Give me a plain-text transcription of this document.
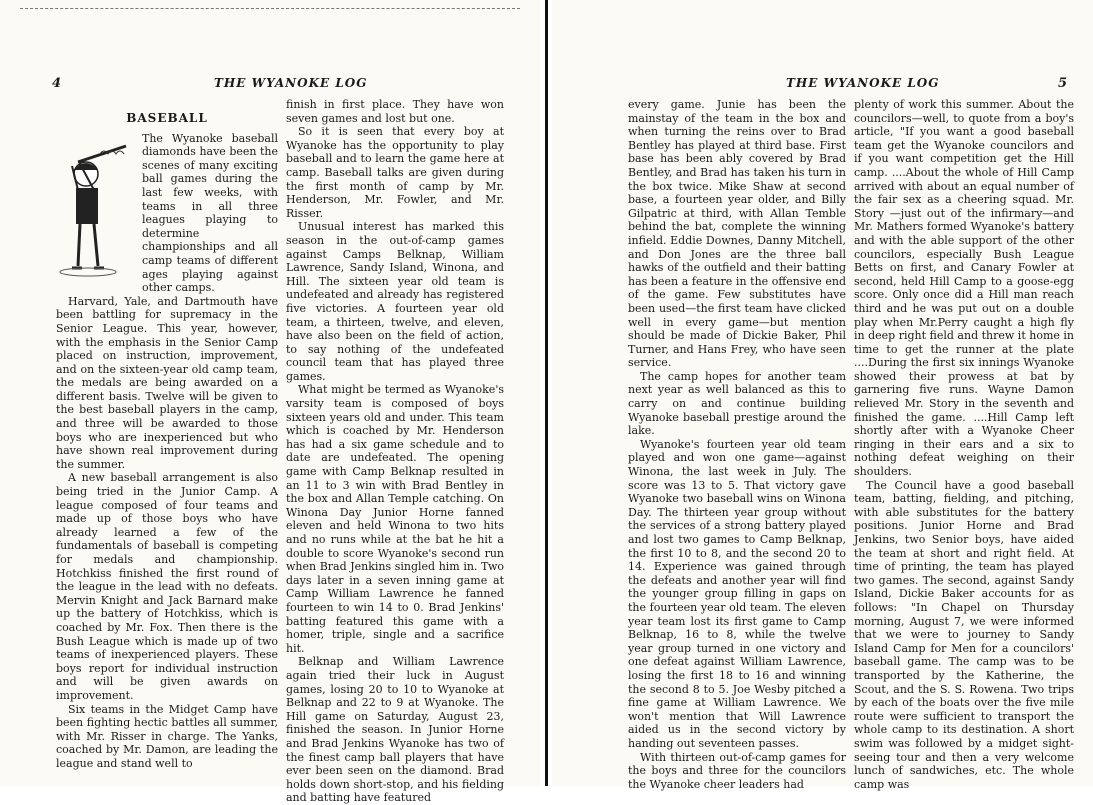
4	THE WYANOKE LOG
BASEBALL

The Wyanoke baseball diamonds have been the scenes of many exciting ball games during the last few weeks, with teams in all three leagues playing to determine championships and all camp teams of different ages playing against other camps.

Harvard, Yale, and Dartmouth have been battling for supremacy in the Senior League. This year, however, with the emphasis in the Senior Camp placed on instruction, improvement, and on the sixteen-year old camp team, the medals are being awarded on a different basis. Twelve will be given to the best baseball players in the camp, and three will be awarded to those boys who are inexperienced but who have shown real improvement during the summer.

A new baseball arrangement is also being tried in the Junior Camp. A league composed of four teams and made up of those boys who have already learned a few of the fundamentals of baseball is competing for medals and championship. Hotchkiss finished the first round of the league in the lead with no defeats. Mervin Knight and Jack Barnard make up the battery of Hotchkiss, which is coached by Mr. Fox. Then there is the Bush League which is made up of two teams of inexperienced players. These boys report for individual instruction and will be given awards on improvement.

Six teams in the Midget Camp have been fighting hectic battles all summer, with Mr. Risser in charge. The Yanks, coached by Mr. Damon, are leading the league and stand well to

finish in first place. They have won seven games and lost but one.

So it is seen that every boy at Wyanoke has the opportunity to play baseball and to learn the game here at camp. Baseball talks are given during the first month of camp by Mr. Henderson, Mr. Fowler, and Mr. Risser.

Unusual interest has marked this season in the out-of-camp games against Camps Belknap, William Lawrence, Sandy Island, Winona, and Hill. The sixteen year old team is undefeated and already has registered five victories. A fourteen year old team, a thirteen, twelve, and eleven, have also been on the field of action, to say nothing of the undefeated council team that has played three games.

What might be termed as Wyanoke's varsity team is composed of boys sixteen years old and under. This team which is coached by Mr. Henderson has had a six game schedule and to date are undefeated. The opening game with Camp Belknap resulted in an 11 to 3 win with Brad Bentley in the box and Allan Temple catching. On Winona Day Junior Horne fanned eleven and held Winona to two hits and no runs while at the bat he hit a double to score Wyanoke's second run when Brad Jenkins singled him in. Two days later in a seven inning game at Camp William Lawrence he fanned fourteen to win 14 to 0. Brad Jenkins' batting featured this game with a homer, triple, single and a sacrifice hit.

Belknap and William Lawrence again tried their luck in August games, losing 20 to 10 to Wyanoke at Belknap and 22 to 9 at Wyanoke. The Hill game on Saturday, August 23, finished the season. In Junior Horne and Brad Jenkins Wyanoke has two of the finest camp ball players that have ever been seen on the diamond. Brad holds down short-stop, and his fielding and batting have featured

THE WYANOKE LOG	5

every game. Junie has been the mainstay of the team in the box and when turning the reins over to Brad Bentley has played at third base. First base has been ably covered by Brad Bentley, and Brad has taken his turn in the box twice. Mike Shaw at second base, a fourteen year older, and Billy Gilpatric at third, with Allan Temble behind the bat, complete the winning infield. Eddie Downes, Danny Mitchell, and Don Jones are the three ball hawks of the outfield and their batting has been a feature in the offensive end of the game. Few substitutes have been used—the first team have clicked well in every game—but mention should be made of Dickie Baker, Phil Turner, and Hans Frey, who have seen service.

The camp hopes for another team next year as well balanced as this to carry on and continue building Wyanoke baseball prestige around the lake.

Wyanoke's fourteen year old team played and won one game—against Winona, the last week in July. The score was 13 to 5. That victory gave Wyanoke two baseball wins on Winona Day. The thirteen year group without the services of a strong battery played and lost two games to Camp Belknap, the first 10 to 8, and the second 20 to 14. Experience was gained through the defeats and another year will find the younger group filling in gaps on the fourteen year old team. The eleven year team lost its first game to Camp Belknap, 16 to 8, while the twelve year group turned in one victory and one defeat against William Lawrence, losing the first 18 to 16 and winning the second 8 to 5. Joe Wesby pitched a fine game at William Lawrence. We won't mention that Will Lawrence aided us in the second victory by handing out seventeen passes.

With thirteen out-of-camp games for the boys and three for the councilors the Wyanoke cheer leaders had

plenty of work this summer. About the councilors—well, to quote from a boy's article, "If you want a good baseball team get the Wyanoke councilors and if you want competition get the Hill camp. ....About the whole of Hill Camp arrived with about an equal number of the fair sex as a cheering squad. Mr. Story —just out of the infirmary—and Mr. Mathers formed Wyanoke's battery and with the able support of the other councilors, especially Bush League Betts on first, and Canary Fowler at second, held Hill Camp to a goose-egg score. Only once did a Hill man reach third and he was put out on a double play when Mr.Perry caught a high fly in deep right field and threw it home in time to get the runner at the plate ....During the first six innings Wyanoke showed their prowess at bat by garnering five runs. Wayne Damon relieved Mr. Story in the seventh and finished the game. ....Hill Camp left shortly after with a Wyanoke Cheer ringing in their ears and a six to nothing defeat weighing on their shoulders.

The Council have a good baseball team, batting, fielding, and pitching, with able substitutes for the battery positions. Junior Horne and Brad Jenkins, two Senior boys, have aided the team at short and right field. At time of printing, the team has played two games. The second, against Sandy Island, Dickie Baker accounts for as follows: "In Chapel on Thursday morning, August 7, we were informed that we were to journey to Sandy Island Camp for Men for a councilors' baseball game. The camp was to be transported by the Katherine, the Scout, and the S. S. Rowena. Two trips by each of the boats over the five mile route were sufficient to transport the whole camp to its destination. A short swim was followed by a midget sight-seeing tour and then a very welcome lunch of sandwiches, etc. The whole camp was
